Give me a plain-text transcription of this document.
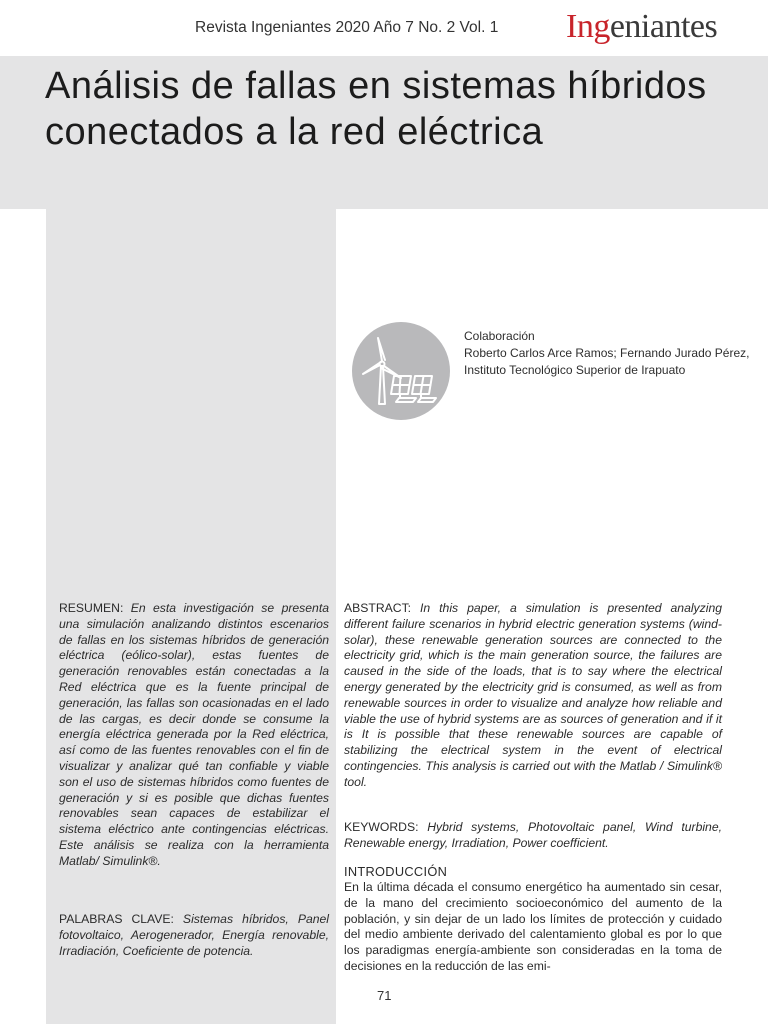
Revista Ingeniantes 2020 Año 7 No. 2 Vol. 1 Ingeniantes
Análisis de fallas en sistemas híbridos conectados a la red eléctrica
Colaboración
Roberto Carlos Arce Ramos; Fernando Jurado Pérez, Instituto Tecnológico Superior de Irapuato

RESUMEN: En esta investigación se presenta una simulación analizando distintos escenarios de fallas en los sistemas híbridos de generación eléctrica (eólico-solar), estas fuentes de generación renovables están conectadas a la Red eléctrica que es la fuente principal de generación, las fallas son ocasionadas en el lado de las cargas, es decir donde se consume la energía eléctrica generada por la Red eléctrica, así como de las fuentes renovables con el fin de visualizar y analizar qué tan confiable y viable son el uso de sistemas híbridos como fuentes de generación y si es posible que dichas fuentes renovables sean capaces de estabilizar el sistema eléctrico ante contingencias eléctricas. Este análisis se realiza con la herramienta Matlab/ Simulink®.

PALABRAS CLAVE: Sistemas híbridos, Panel fotovoltaico, Aerogenerador, Energía renovable, Irradiación, Coeficiente de potencia.

ABSTRACT: In this paper, a simulation is presented analyzing different failure scenarios in hybrid electric generation systems (wind-solar), these renewable generation sources are connected to the electricity grid, which is the main generation source, the failures are caused in the side of the loads, that is to say where the electrical energy generated by the electricity grid is consumed, as well as from renewable sources in order to visualize and analyze how reliable and viable the use of hybrid systems are as sources of generation and if it is It is possible that these renewable sources are capable of stabilizing the electrical system in the event of electrical contingencies. This analysis is carried out with the Matlab / Simulink® tool.

KEYWORDS: Hybrid systems, Photovoltaic panel, Wind turbine, Renewable energy, Irradiation, Power coefficient.

INTRODUCCIÓN

En la última década el consumo energético ha aumentado sin cesar, de la mano del crecimiento socioeconómico del aumento de la población, y sin dejar de un lado los límites de protección y cuidado del medio ambiente derivado del calentamiento global es por lo que los paradigmas energía-ambiente son consideradas en la toma de decisiones en la reducción de las emi-

71
